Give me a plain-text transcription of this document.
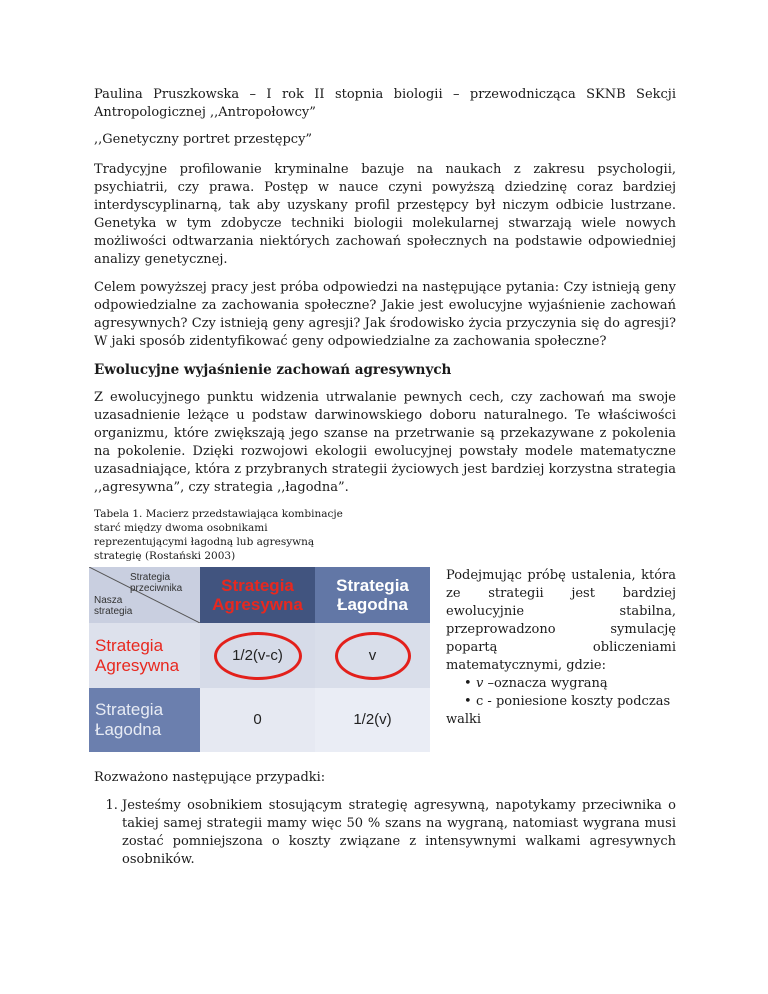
Paulina Pruszkowska – I rok II stopnia biologii – przewodnicząca SKNB Sekcji Antropologicznej ,,Antropołowcy”

,,Genetyczny portret przestępcy”

Tradycyjne profilowanie kryminalne bazuje na naukach z zakresu psychologii, psychiatrii, czy prawa. Postęp w nauce czyni powyższą dziedzinę coraz bardziej interdyscyplinarną, tak aby uzyskany profil przestępcy był niczym odbicie lustrzane. Genetyka w tym zdobycze techniki biologii molekularnej stwarzają wiele nowych możliwości odtwarzania niektórych zachowań społecznych na podstawie odpowiedniej analizy genetycznej.

Celem powyższej pracy jest próba odpowiedzi na następujące pytania: Czy istnieją geny odpowiedzialne za zachowania społeczne? Jakie jest ewolucyjne wyjaśnienie zachowań agresywnych? Czy istnieją geny agresji? Jak środowisko życia przyczynia się do agresji? W jaki sposób zidentyfikować geny odpowiedzialne za zachowania społeczne?

Ewolucyjne wyjaśnienie zachowań agresywnych

Z ewolucyjnego punktu widzenia utrwalanie pewnych cech, czy zachowań ma swoje uzasadnienie leżące u podstaw darwinowskiego doboru naturalnego. Te właściwości organizmu, które zwiększają jego szanse na przetrwanie są przekazywane z pokolenia na pokolenie. Dzięki rozwojowi ekologii ewolucyjnej powstały modele matematyczne uzasadniające, która z przybranych strategii życiowych jest bardziej korzystna strategia ,,agresywna”, czy strategia ,,łagodna”.

Tabela 1. Macierz przedstawiająca kombinacje starć między dwoma osobnikami reprezentującymi łagodną lub agresywną strategię (Rostański 2003)
Strategia przeciwnika
Nasza strategia
Strategia Agresywna
Strategia Łagodna
Strategia Agresywna
Strategia Łagodna
1/2(v-c)	v
0	1/2(v)

Podejmując próbę ustalenia, która ze strategii jest bardziej ewolucyjnie stabilna, przeprowadzono symulację popartą obliczeniami matematycznymi, gdzie:

• 𝑣 –oznacza wygraną
• c - poniesione koszty podczas walki

Rozważono następujące przypadki:

1. Jesteśmy osobnikiem stosującym strategię agresywną, napotykamy przeciwnika o takiej samej strategii mamy więc 50 % szans na wygraną, natomiast wygrana musi zostać pomniejszona o koszty związane z intensywnymi walkami agresywnych osobników.
